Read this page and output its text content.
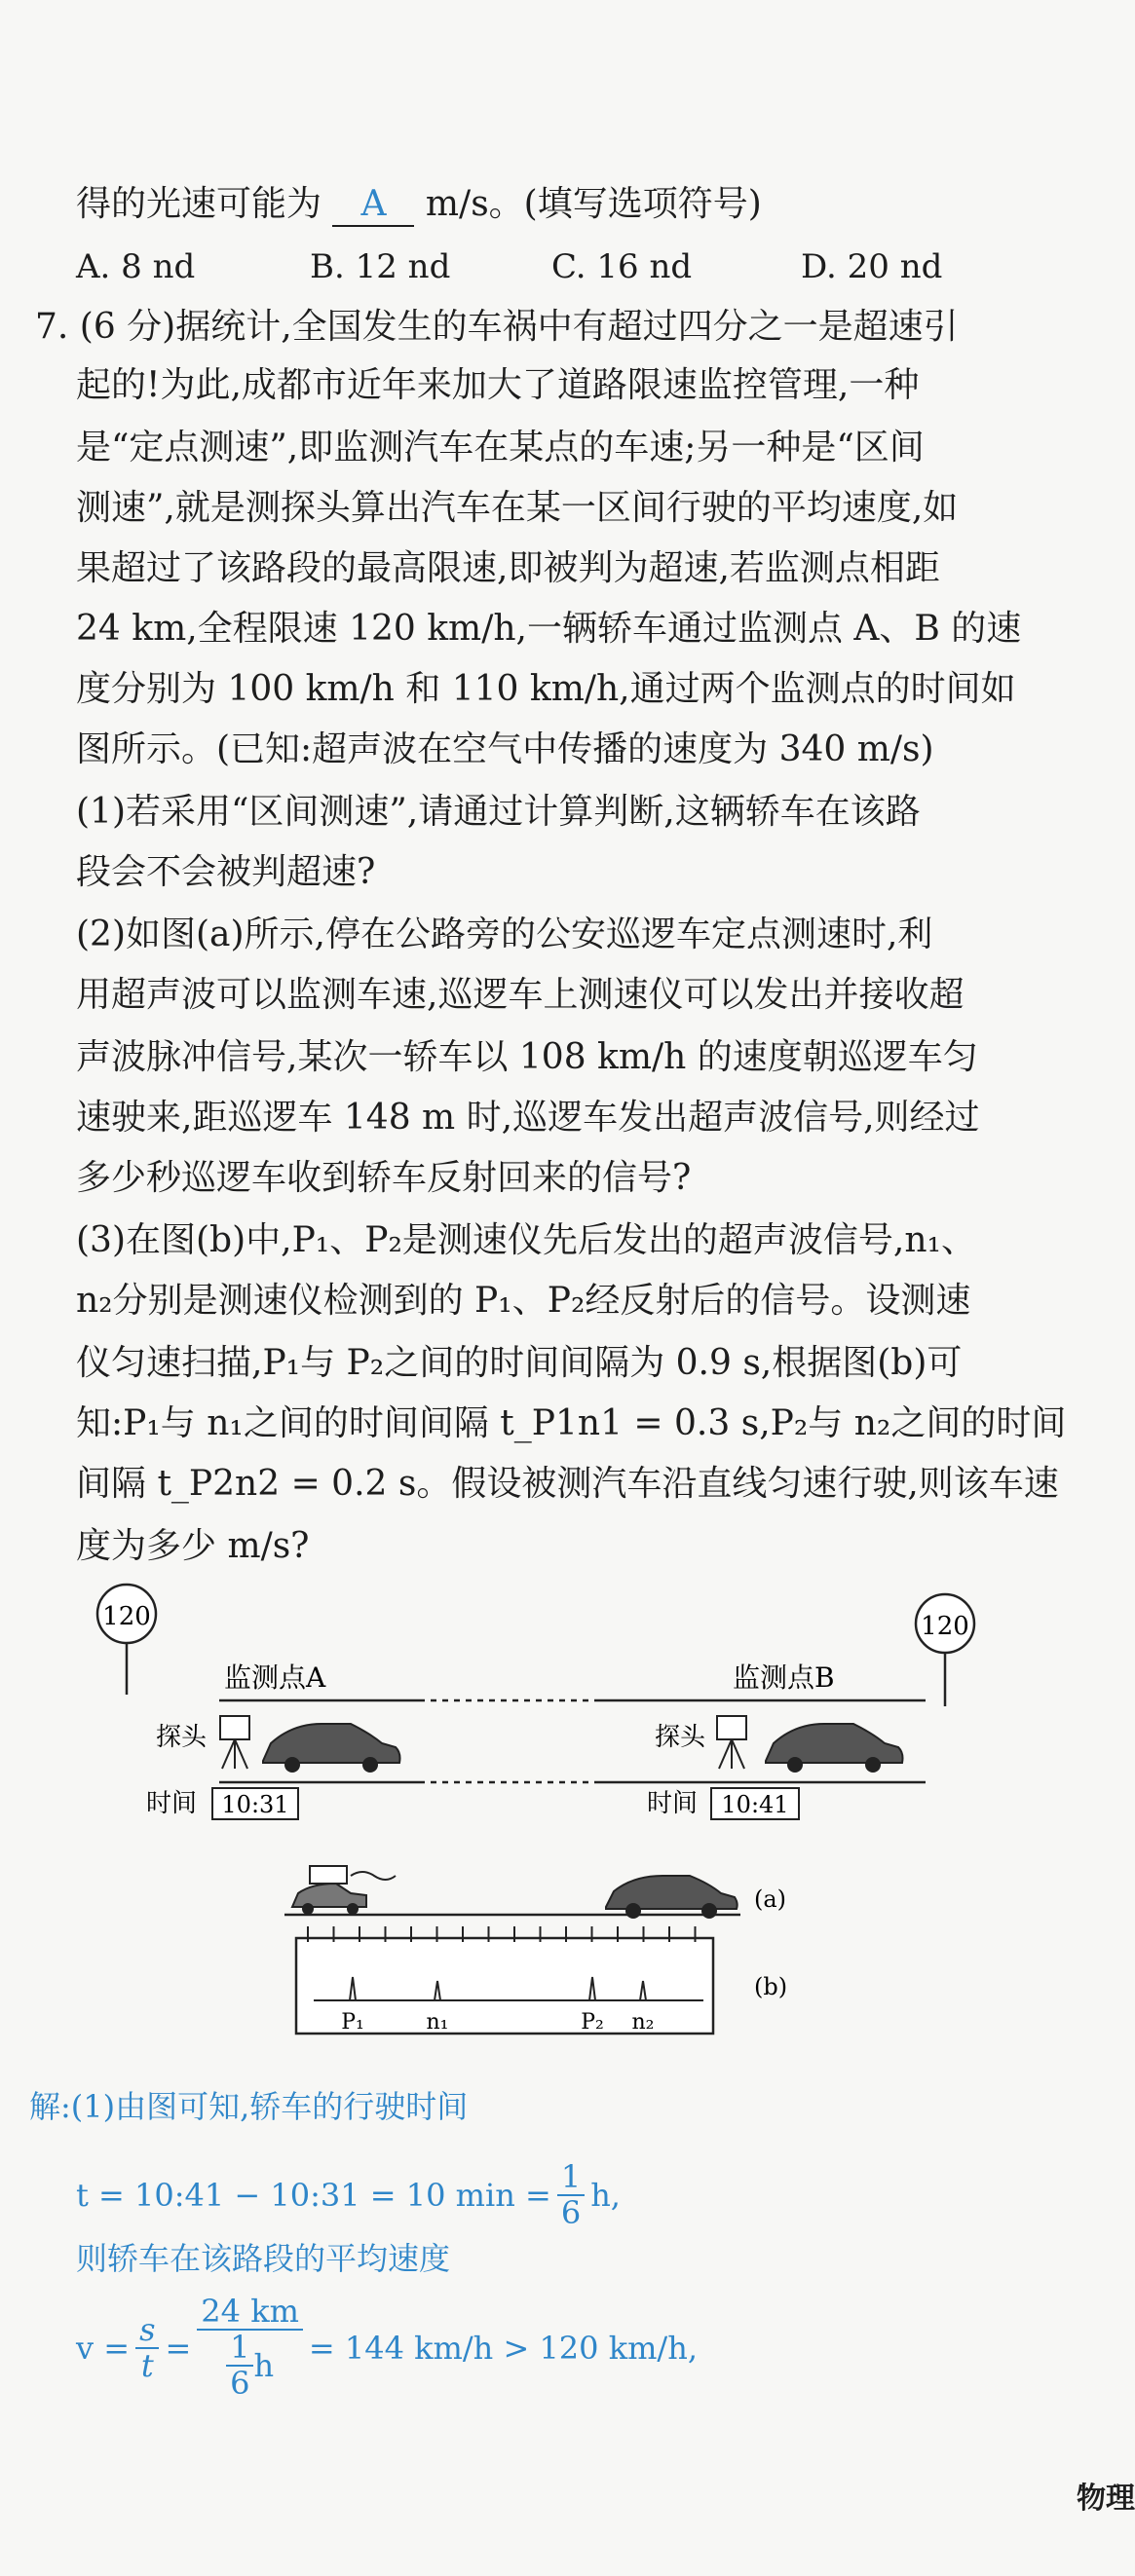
得的光速可能为 A m/s。(填写选项符号)
A. 8 nd	B. 12 nd	C. 16 nd	D. 20 nd
7. (6 分)据统计,全国发生的车祸中有超过四分之一是超速引
起的!为此,成都市近年来加大了道路限速监控管理,一种
是“定点测速”,即监测汽车在某点的车速;另一种是“区间
测速”,就是测探头算出汽车在某一区间行驶的平均速度,如
果超过了该路段的最高限速,即被判为超速,若监测点相距
24 km,全程限速 120 km/h,一辆轿车通过监测点 A、B 的速
度分别为 100 km/h 和 110 km/h,通过两个监测点的时间如
图所示。(已知:超声波在空气中传播的速度为 340 m/s)
(1)若采用“区间测速”,请通过计算判断,这辆轿车在该路
段会不会被判超速?
(2)如图(a)所示,停在公路旁的公安巡逻车定点测速时,利
用超声波可以监测车速,巡逻车上测速仪可以发出并接收超
声波脉冲信号,某次一轿车以 108 km/h 的速度朝巡逻车匀
速驶来,距巡逻车 148 m 时,巡逻车发出超声波信号,则经过
多少秒巡逻车收到轿车反射回来的信号?
(3)在图(b)中,P₁、P₂是测速仪先后发出的超声波信号,n₁、
n₂分别是测速仪检测到的 P₁、P₂经反射后的信号。设测速
仪匀速扫描,P₁与 P₂之间的时间间隔为 0.9 s,根据图(b)可
知:P₁与 n₁之间的时间间隔 t_P1n1 = 0.3 s,P₂与 n₂之间的时间
间隔 t_P2n2 = 0.2 s。假设被测汽车沿直线匀速行驶,则该车速
度为多少 m/s?
120	120
监测点A	监测点B
探头	探头
时间 10:31	时间 10:41
(a)
P₁	n₁	P₂ n₂
(b)
解:(1)由图可知,轿车的行驶时间
t = 10:41 − 10:31 = 10 $\min = \frac{1}{6} h$,
则轿车在该路段的平均速度
$v = \frac{s}{t} = \frac{24 km}{\frac{1}{6} h} = 144$ km/h > 120 km/h,
物理
